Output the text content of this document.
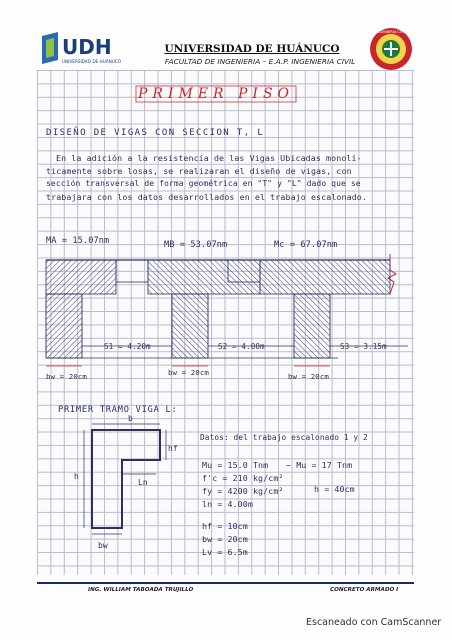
UDH
UNIVERSIDAD DE HUÁNUCO
UNIVERSIDAD DE HUÁNUCO
FACULTAD DE INGENIERIA – E.A.P. INGENIERIA CIVIL
INGENIERIA CIVIL
PRIMER PISO
DISEÑO DE VIGAS CON SECCION T, L
En la adición a la resistencia de las Vigas Ubicadas monolí-
ticamente sobre losas, se realizaran el diseño de vigas, con
sección transversal de forma geométrica en "T" y "L" dado que se
trabajara con los datos desarrollados en el trabajo escalonado.
MA = 15.07nm	MB = 53.07nm	Mc = 67.07nm
S1 = 4.20m	S2 = 4.00m	S3 = 3.15m
bw = 20cm	bw = 20cm	bw = 20cm
PRIMER TRAMO VIGA L:
b
hf
h
Ln
bw
Datos: del trabajo escalonado 1 y 2
Mu = 15.0 Tnm ~ Mu = 17 Tnm
f'c = 210 kg/cm²
fy = 4200 kg/cm²	h = 40cm
ln = 4.00m
hf = 10cm
bw = 20cm
Lv = 6.5m
ING. WILLIAM TABOADA TRUJILLO	CONCRETO ARMADO I
Escaneado con CamScanner
